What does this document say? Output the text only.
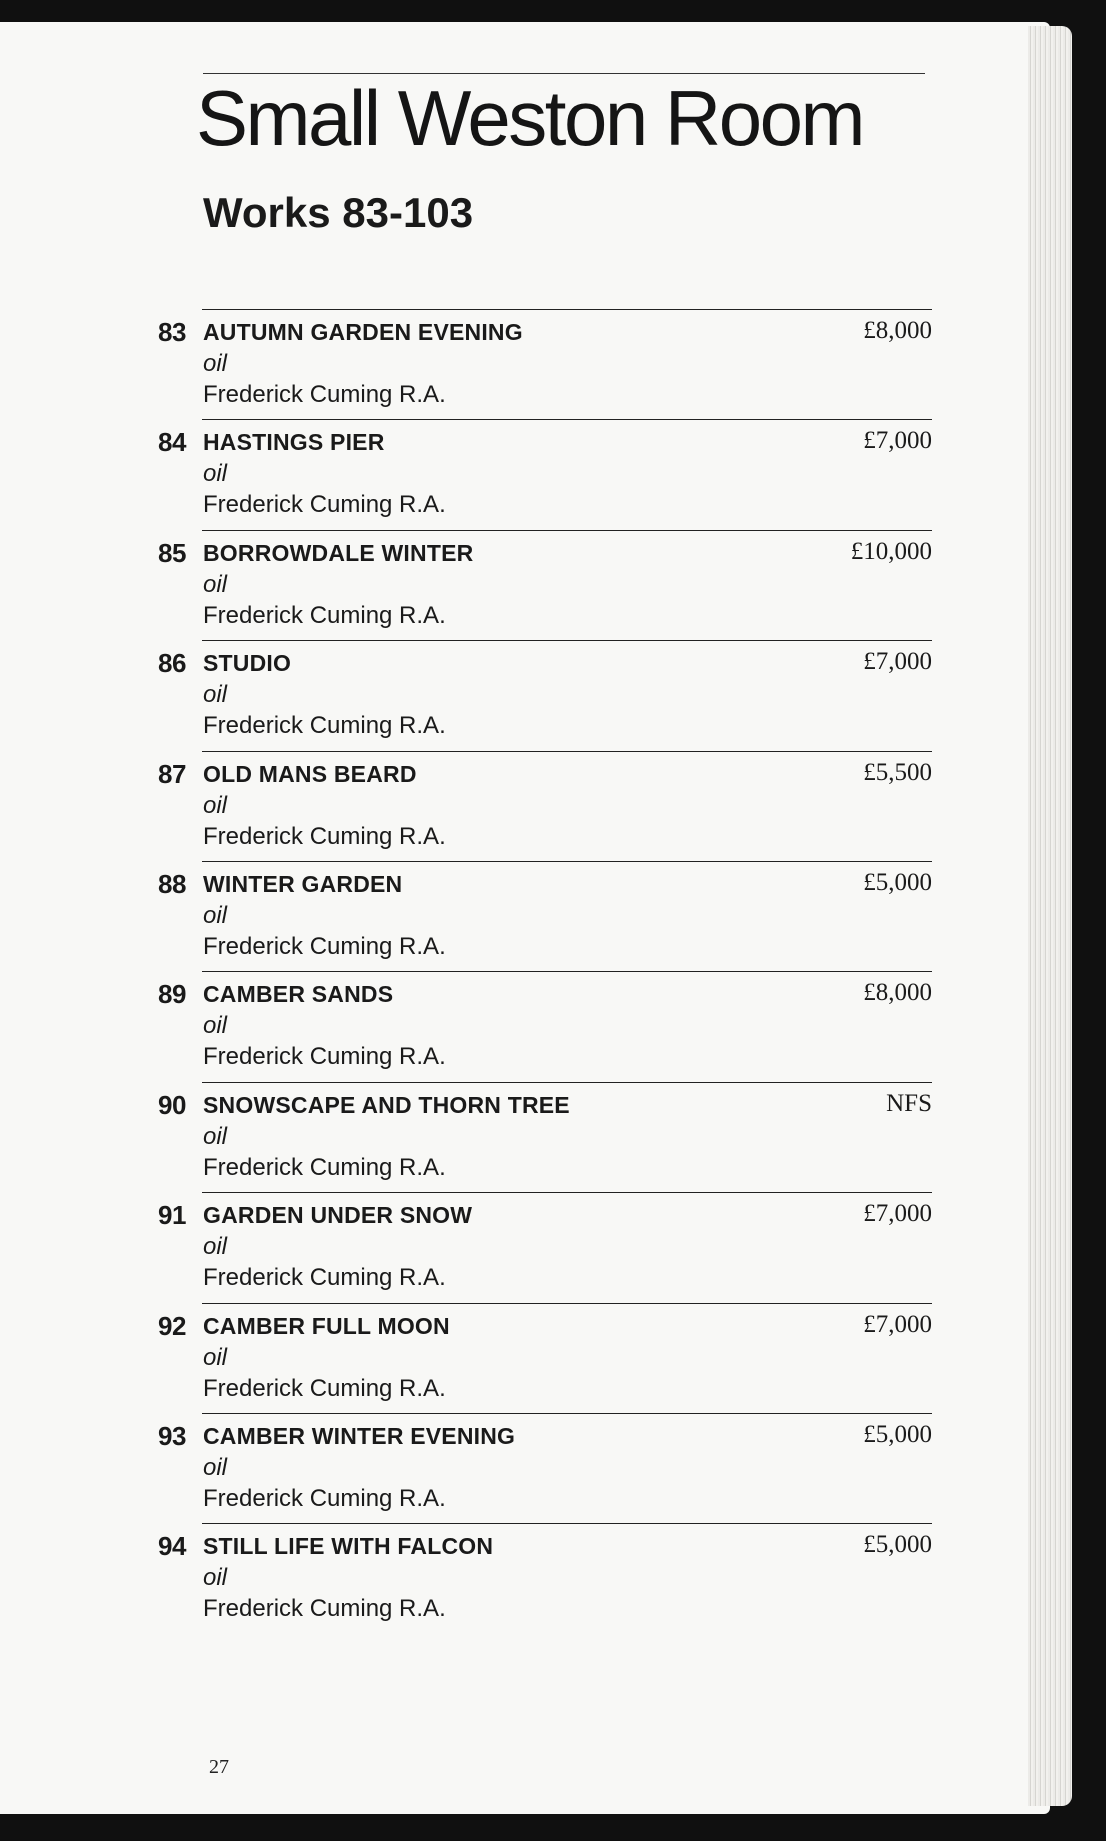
Small Weston Room
Works 83-103
83 AUTUMN GARDEN EVENING	£8,000
oil
Frederick Cuming R.A.
84 HASTINGS PIER	£7,000
oil
Frederick Cuming R.A.
85 BORROWDALE WINTER	£10,000
oil
Frederick Cuming R.A.
86 STUDIO	£7,000
oil
Frederick Cuming R.A.
87 OLD MANS BEARD	£5,500
oil
Frederick Cuming R.A.
88 WINTER GARDEN	£5,000
oil
Frederick Cuming R.A.
89 CAMBER SANDS	£8,000
oil
Frederick Cuming R.A.
90 SNOWSCAPE AND THORN TREE	NFS
oil
Frederick Cuming R.A.
91 GARDEN UNDER SNOW	£7,000
oil
Frederick Cuming R.A.
92 CAMBER FULL MOON	£7,000
oil
Frederick Cuming R.A.
93 CAMBER WINTER EVENING	£5,000
oil
Frederick Cuming R.A.
94 STILL LIFE WITH FALCON	£5,000
oil
Frederick Cuming R.A.
27
